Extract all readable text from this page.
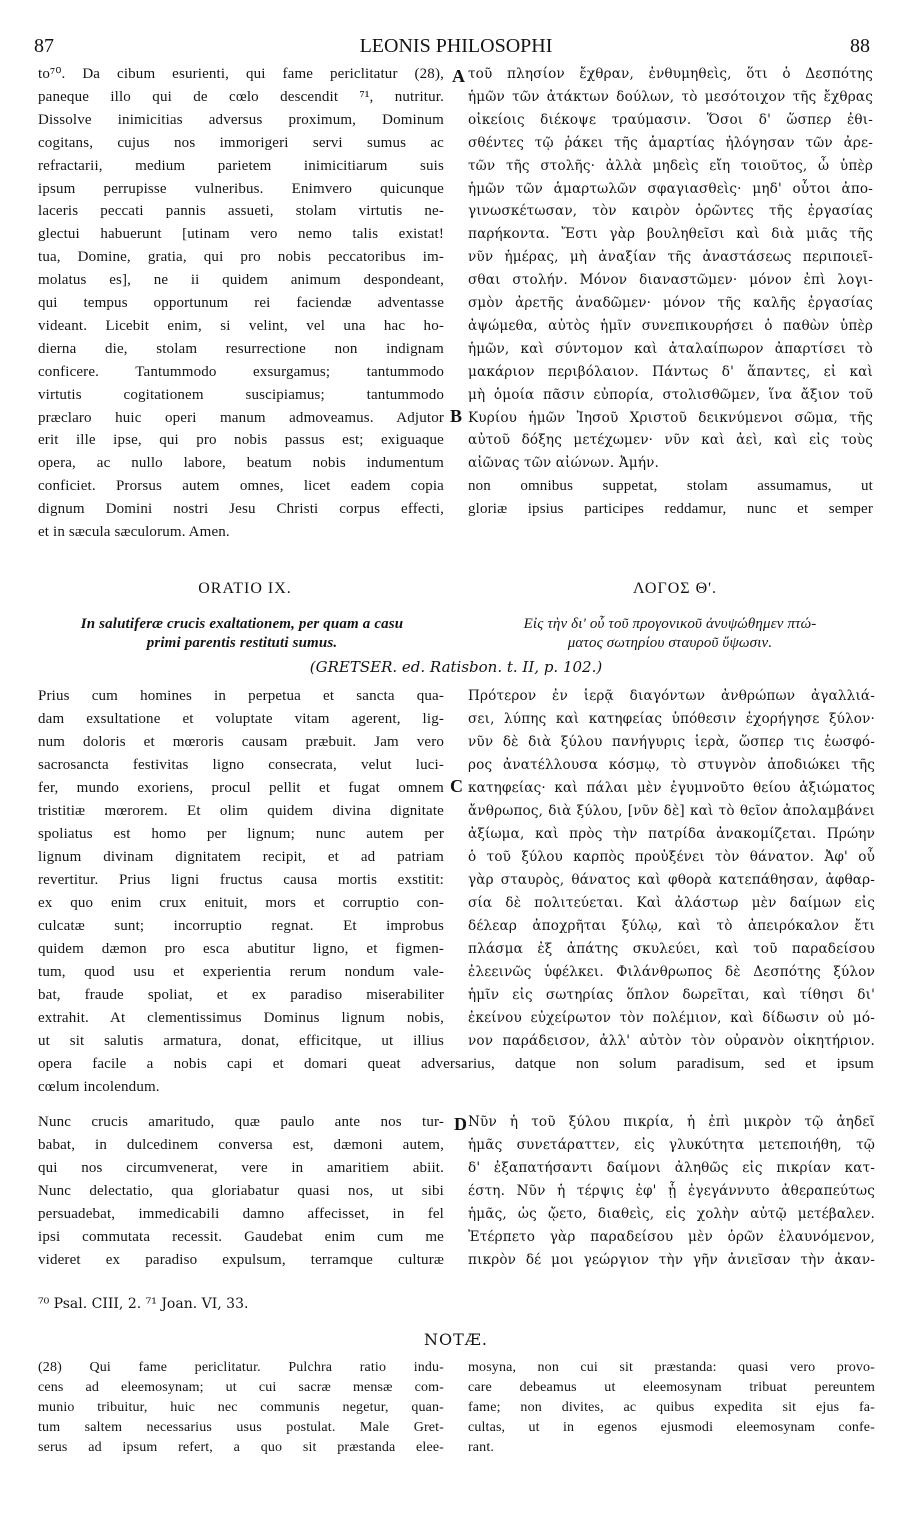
87	LEONIS PHILOSOPHI	88
to⁷⁰. Da cibum esurienti, qui fame periclitatur (28),
paneque illo qui de cœlo descendit ⁷¹, nutritur.
Dissolve inimicitias adversus proximum, Dominum
cogitans, cujus nos immorigeri servi sumus ac
refractarii, medium parietem inimicitiarum suis
ipsum perrupisse vulneribus. Enimvero quicunque
laceris peccati pannis assueti, stolam virtutis ne-
glectui habuerunt [utinam vero nemo talis existat!
tua, Domine, gratia, qui pro nobis peccatoribus im-
molatus es], ne ii quidem animum despondeant,
qui tempus opportunum rei faciendæ adventasse
videant. Licebit enim, si velint, vel una hac ho-
dierna die, stolam resurrectione non indignam
conficere. Tantummodo exsurgamus; tantummodo
virtutis cogitationem suscipiamus; tantummodo
præclaro huic operi manum admoveamus. Adjutor
erit ille ipse, qui pro nobis passus est; exiguaque
opera, ac nullo labore, beatum nobis indumentum
conficiet. Prorsus autem omnes, licet eadem copia
dignum Domini nostri Jesu Christi corpus effecti,
et in sæcula sæculorum. Amen.
τοῦ πλησίον ἔχθραν, ἐνθυμηθεὶς, ὅτι ὁ Δεσπότης
ἡμῶν τῶν ἀτάκτων δούλων, τὸ μεσότοιχον τῆς ἔχθρας
οἰκείοις διέκοψε τραύμασιν. Ὅσοι δ' ὥσπερ ἐθι-
σθέντες τῷ ῥάκει τῆς ἁμαρτίας ἠλόγησαν τῶν ἀρε-
τῶν τῆς στολῆς· ἀλλὰ μηδεὶς εἴη τοιοῦτος, ὦ ὑπὲρ
ἡμῶν τῶν ἁμαρτωλῶν σφαγιασθεὶς· μηδ' οὗτοι ἀπο-
γινωσκέτωσαν, τὸν καιρὸν ὁρῶντες τῆς ἐργασίας
παρήκοντα. Ἔστι γὰρ βουληθεῖσι καὶ διὰ μιᾶς τῆς
νῦν ἡμέρας, μὴ ἀναξίαν τῆς ἀναστάσεως περιποιεῖ-
σθαι στολήν. Μόνον διαναστῶμεν· μόνον ἐπὶ λογι-
σμὸν ἀρετῆς ἀναδῶμεν· μόνον τῆς καλῆς ἐργασίας
ἀψώμεθα, αὐτὸς ἡμῖν συνεπικουρήσει ὁ παθὼν ὑπὲρ
ἡμῶν, καὶ σύντομον καὶ ἀταλαίπωρον ἀπαρτίσει τὸ
μακάριον περιβόλαιον. Πάντως δ' ἅπαντες, εἰ καὶ
μὴ ὁμοία πᾶσιν εὐπορία, στολισθῶμεν, ἵνα ἄξιον τοῦ
Κυρίου ἡμῶν Ἰησοῦ Χριστοῦ δεικνύμενοι σῶμα, τῆς
αὐτοῦ δόξης μετέχωμεν· νῦν καὶ ἀεὶ, καὶ εἰς τοὺς
αἰῶνας τῶν αἰώνων. Ἀμήν.
non omnibus suppetat, stolam assumamus, ut
gloriæ ipsius participes reddamur, nunc et semper
A
B
C
D
ORATIO IX.	ΛΟΓΟΣ Θ'.
In salutiferæ crucis exaltationem, per quam a casu
primi parentis restituti sumus.
Εἰς τὴν δι' οὗ τοῦ προγονικοῦ ἀνυψώθημεν πτώ-
ματος σωτηρίου σταυροῦ ὕψωσιν.
(GRETSER. ed. Ratisbon. t. II, p. 102.)
Prius cum homines in perpetua et sancta qua-
dam exsultatione et voluptate vitam agerent, lig-
num doloris et mœroris causam præbuit. Jam vero
sacrosancta festivitas ligno consecrata, velut luci-
fer, mundo exoriens, procul pellit et fugat omnem
tristitiæ mœrorem. Et olim quidem divina dignitate
spoliatus est homo per lignum; nunc autem per
lignum divinam dignitatem recipit, et ad patriam
revertitur. Prius ligni fructus causa mortis exstitit:
ex quo enim crux enituit, mors et corruptio con-
culcatæ sunt; incorruptio regnat. Et improbus
quidem dæmon pro esca abutitur ligno, et figmen-
tum, quod usu et experientia rerum nondum vale-
bat, fraude spoliat, et ex paradiso miserabiliter
extrahit. At clementissimus Dominus lignum nobis,
ut sit salutis armatura, donat, efficitque, ut illius
Πρότερον ἐν ἱερᾷ διαγόντων ἀνθρώπων ἀγαλλιά-
σει, λύπης καὶ κατηφείας ὑπόθεσιν ἐχορήγησε ξύλον·
νῦν δὲ διὰ ξύλου πανήγυρις ἱερὰ, ὥσπερ τις ἑωσφό-
ρος ἀνατέλλουσα κόσμῳ, τὸ στυγνὸν ἀποδιώκει τῆς
κατηφείας· καὶ πάλαι μὲν ἐγυμνοῦτο θείου ἀξιώματος
ἄνθρωπος, διὰ ξύλου, [νῦν δὲ] καὶ τὸ θεῖον ἀπολαμβάνει
ἀξίωμα, καὶ πρὸς τὴν πατρίδα ἀνακομίζεται. Πρώην
ὁ τοῦ ξύλου καρπὸς προὐξένει τὸν θάνατον. Ἀφ' οὗ
γὰρ σταυρὸς, θάνατος καὶ φθορὰ κατεπάθησαν, ἀφθαρ-
σία δὲ πολιτεύεται. Καὶ ἀλάστωρ μὲν δαίμων εἰς
δέλεαρ ἀποχρῆται ξύλῳ, καὶ τὸ ἀπειρόκαλον ἔτι
πλάσμα ἐξ ἀπάτης σκυλεύει, καὶ τοῦ παραδείσου
ἐλεεινῶς ὑφέλκει. Φιλάνθρωπος δὲ Δεσπότης ξύλον
ἡμῖν εἰς σωτηρίας ὅπλον δωρεῖται, καὶ τίθησι δι'
ἐκείνου εὐχείρωτον τὸν πολέμιον, καὶ δίδωσιν οὐ μό-
νον παράδεισον, ἀλλ' αὐτὸν τὸν οὐρανὸν οἰκητήριον.
opera facile a nobis capi et domari queat adversarius, datque non solum paradisum, sed et ipsum
cœlum incolendum.
Nunc crucis amaritudo, quæ paulo ante nos tur-
babat, in dulcedinem conversa est, dæmoni autem,
qui nos circumvenerat, vere in amaritiem abiit.
Nunc delectatio, qua gloriabatur quasi nos, ut sibi
persuadebat, immedicabili damno affecisset, in fel
ipsi commutata recessit. Gaudebat enim cum me
videret ex paradiso expulsum, terramque culturæ
Νῦν ἡ τοῦ ξύλου πικρία, ἡ ἐπὶ μικρὸν τῷ ἀηδεῖ
ἡμᾶς συνετάραττεν, εἰς γλυκύτητα μετεποιήθη, τῷ
δ' ἐξαπατήσαντι δαίμονι ἀληθῶς εἰς πικρίαν κατ-
έστη. Νῦν ἡ τέρψις ἐφ' ᾗ ἐγεγάννυτο ἀθεραπεύτως
ἡμᾶς, ὡς ᾤετο, διαθεὶς, εἰς χολὴν αὐτῷ μετέβαλεν.
Ἐτέρπετο γὰρ παραδείσου μὲν ὁρῶν ἐλαυνόμενον,
πικρὸν δέ μοι γεώργιον τὴν γῆν ἀνιεῖσαν τὴν ἀκαν-
⁷⁰ Psal. CIII, 2. ⁷¹ Joan. VI, 33.
NOTÆ.
(28) Qui fame periclitatur. Pulchra ratio indu-
cens ad eleemosynam; ut cui sacræ mensæ com-
munio tribuitur, huic nec communis negetur, quan-
tum saltem necessarius usus postulat. Male Gret-
serus ad ipsum refert, a quo sit præstanda elee-
mosyna, non cui sit præstanda: quasi vero provo-
care debeamus ut eleemosynam tribuat pereuntem
fame; non divites, ac quibus expedita sit ejus fa-
cultas, ut in egenos ejusmodi eleemosynam confe-
rant.
